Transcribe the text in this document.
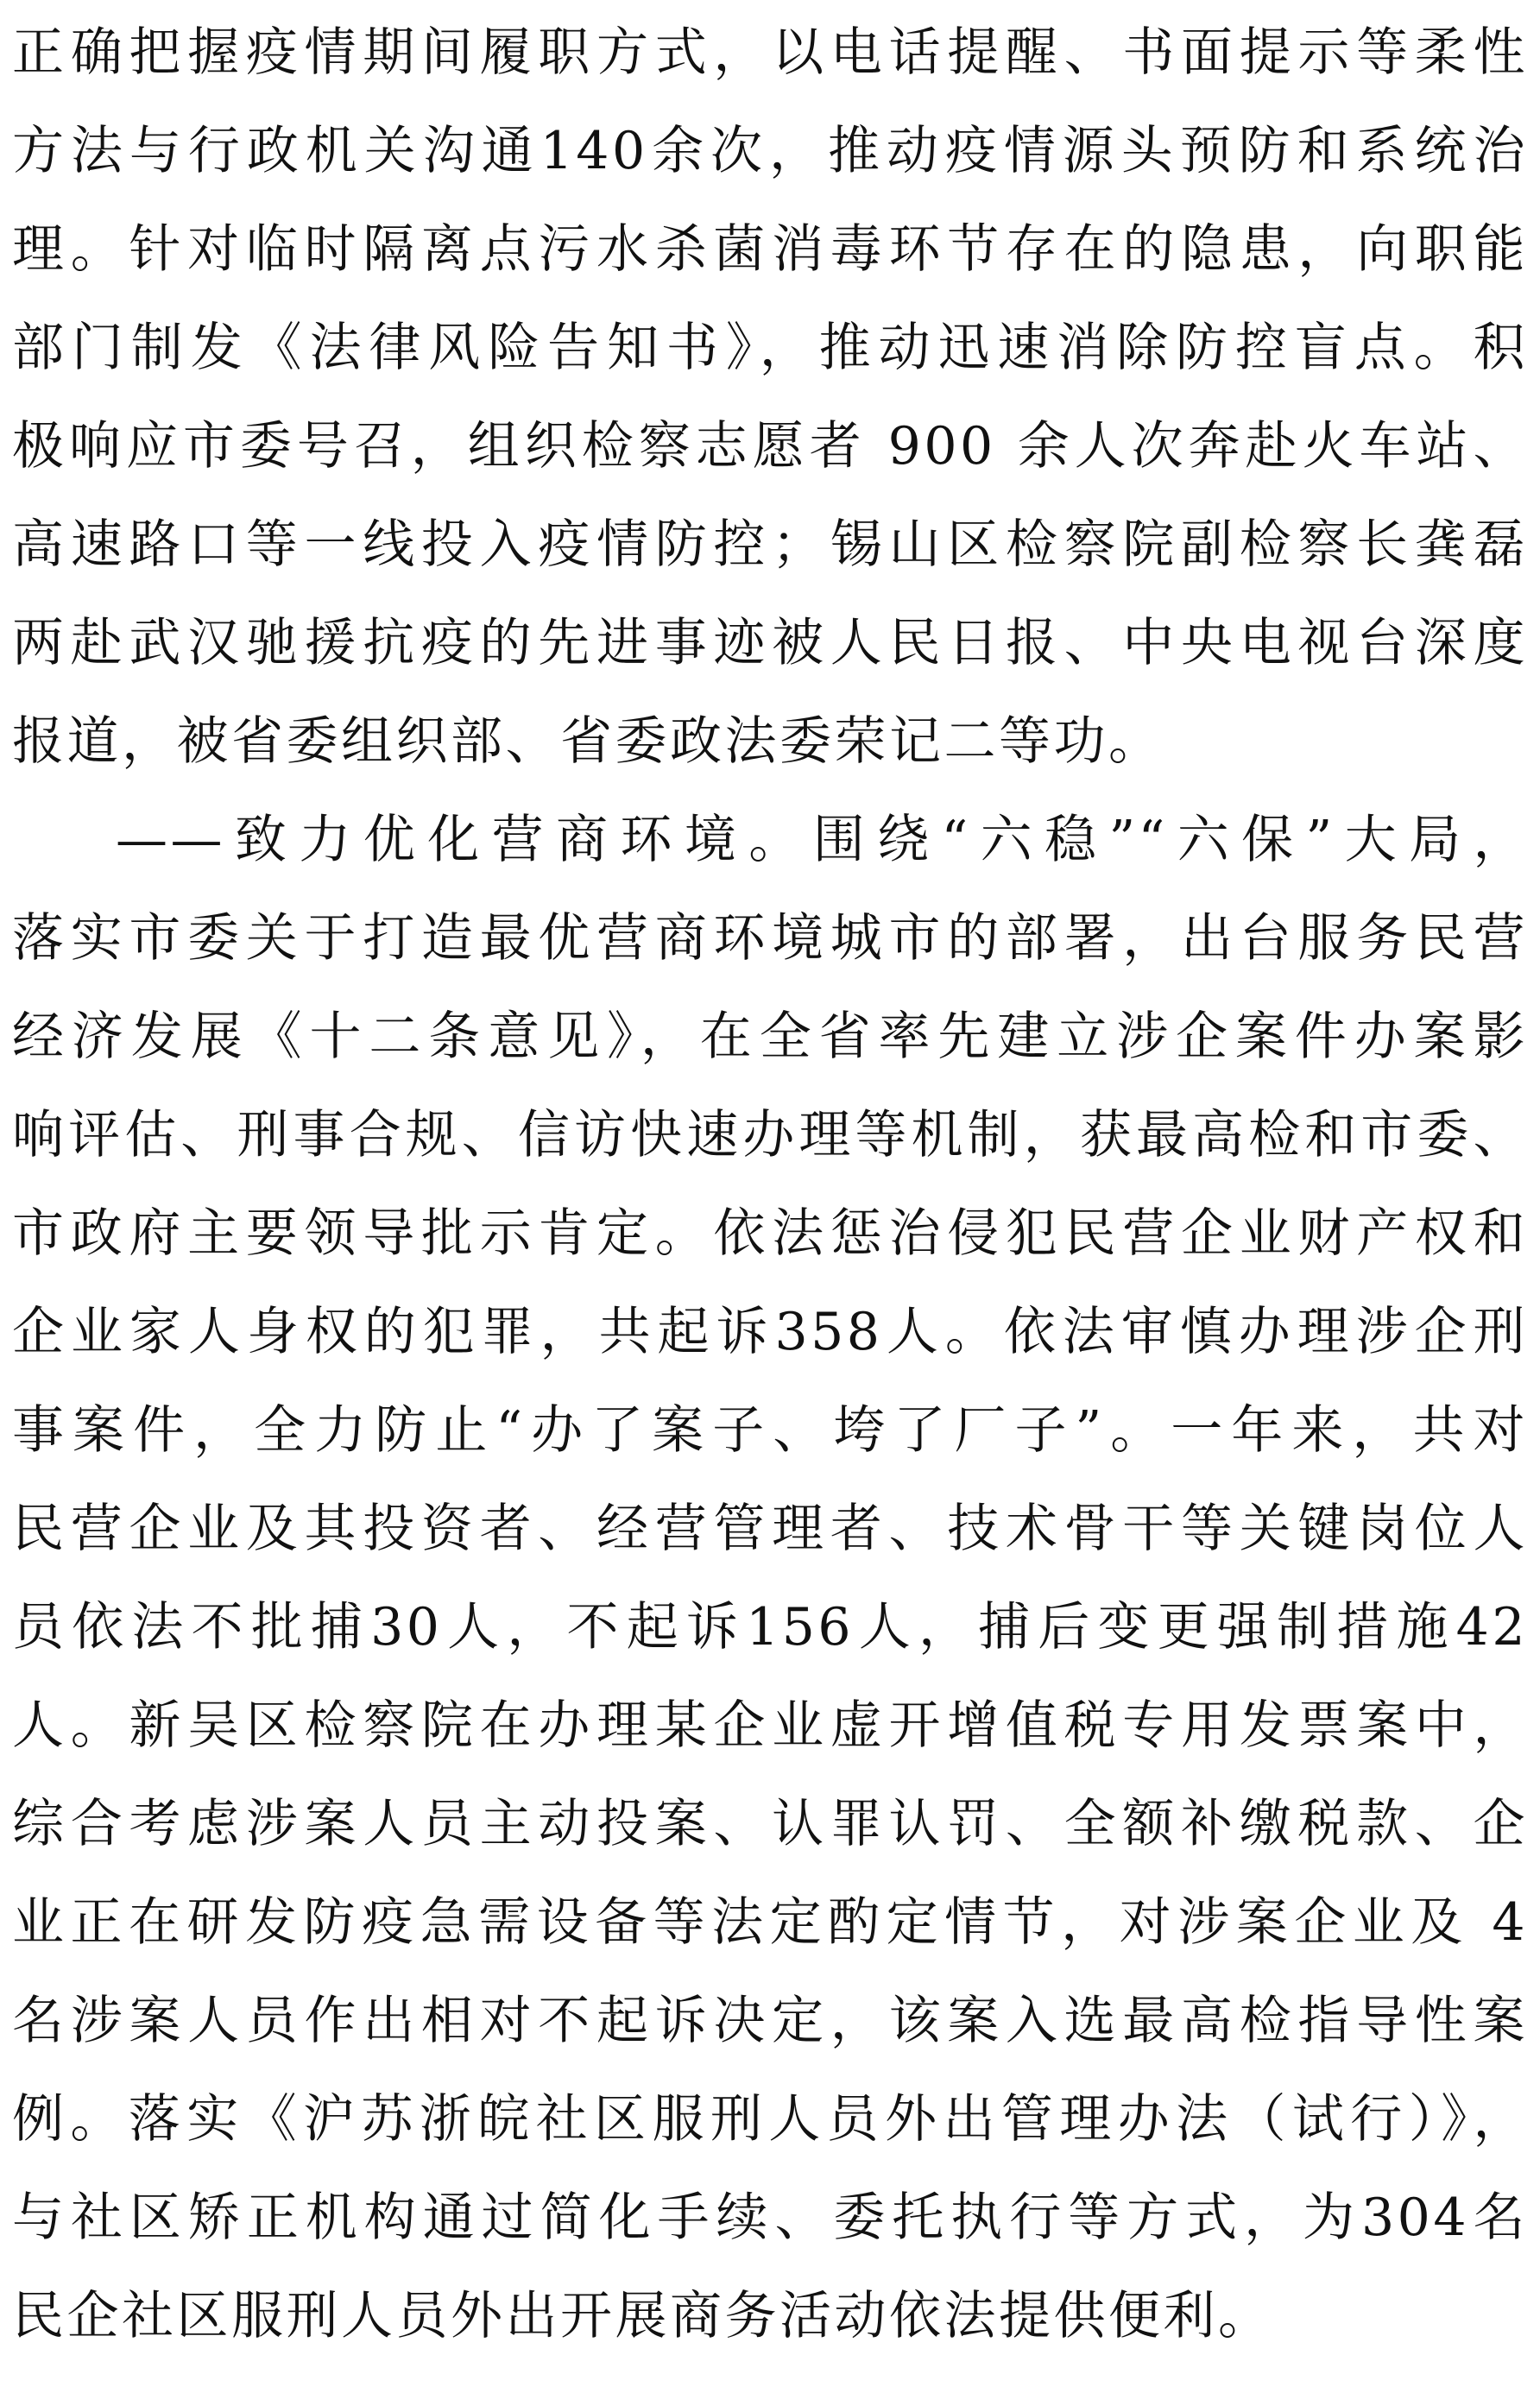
正确把握疫情期间履职方式，以电话提醒、书面提示等柔性
方法与行政机关沟通140余次，推动疫情源头预防和系统治
理。针对临时隔离点污水杀菌消毒环节存在的隐患，向职能
部门制发《法律风险告知书》，推动迅速消除防控盲点。积
极响应市委号召，组织检察志愿者 900 余人次奔赴火车站、
高速路口等一线投入疫情防控；锡山区检察院副检察长龚磊
两赴武汉驰援抗疫的先进事迹被人民日报、中央电视台深度
报道，被省委组织部、省委政法委荣记二等功。
——致力优化营商环境。围绕“六稳”“六保”大局，
落实市委关于打造最优营商环境城市的部署，出台服务民营
经济发展《十二条意见》，在全省率先建立涉企案件办案影
响评估、刑事合规、信访快速办理等机制，获最高检和市委、
市政府主要领导批示肯定。依法惩治侵犯民营企业财产权和
企业家人身权的犯罪，共起诉358人。依法审慎办理涉企刑
事案件，全力防止“办了案子、垮了厂子”。一年来，共对
民营企业及其投资者、经营管理者、技术骨干等关键岗位人
员依法不批捕30人，不起诉156人，捕后变更强制措施42
人。新吴区检察院在办理某企业虚开增值税专用发票案中，
综合考虑涉案人员主动投案、认罪认罚、全额补缴税款、企
业正在研发防疫急需设备等法定酌定情节，对涉案企业及 4
名涉案人员作出相对不起诉决定，该案入选最高检指导性案
例。落实《沪苏浙皖社区服刑人员外出管理办法（试行）》，
与社区矫正机构通过简化手续、委托执行等方式，为304名
民企社区服刑人员外出开展商务活动依法提供便利。
